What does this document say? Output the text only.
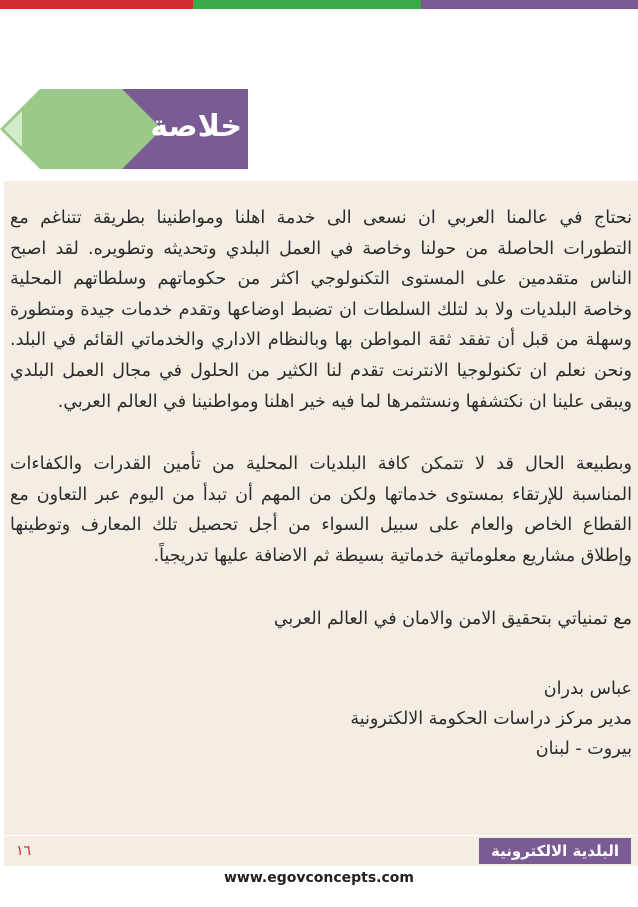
خلاصة

نحتاج في عالمنا العربي ان نسعى الى خدمة اهلنا ومواطنينا بطريقة تتناغم مع التطورات الحاصلة من حولنا وخاصة في العمل البلدي وتحديثه وتطويره. لقد اصبح الناس متقدمين على المستوى التكنولوجي اكثر من حكوماتهم وسلطاتهم المحلية وخاصة البلديات ولا بد لتلك السلطات ان تضبط اوضاعها وتقدم خدمات جيدة ومتطورة وسهلة من قبل أن تفقد ثقة المواطن بها وبالنظام الاداري والخدماتي القائم في البلد. ونحن نعلم ان تكنولوجيا الانترنت تقدم لنا الكثير من الحلول في مجال العمل البلدي ويبقى علينا ان نكتشفها ونستثمرها لما فيه خير اهلنا ومواطنينا في العالم العربي.

وبطبيعة الحال قد لا تتمكن كافة البلديات المحلية من تأمين القدرات والكفاءات المناسبة للإرتقاء بمستوى خدماتها ولكن من المهم أن تبدأ من اليوم عبر التعاون مع القطاع الخاص والعام على سبيل السواء من أجل تحصيل تلك المعارف وتوطينها وإطلاق مشاريع معلوماتية خدماتية بسيطة ثم الاضافة عليها تدريجياً.

مع تمنياتي بتحقيق الامن والامان في العالم العربي

عباس بدران
مدير مركز دراسات الحكومة الالكترونية
بيروت - لبنان
١٦	البلدية الالكترونية
www.egovconcepts.com
